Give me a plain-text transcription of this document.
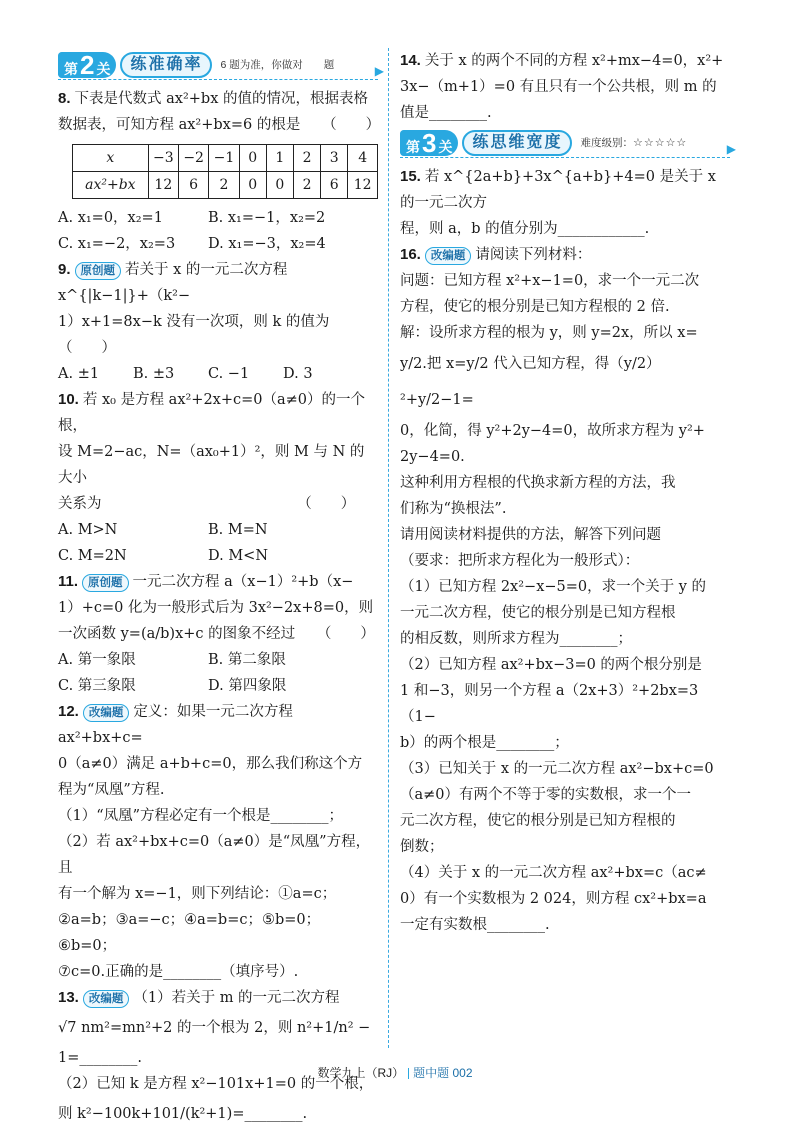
第 2 关	练准确率	6 题为准，你做对　　题	▶
8. 下表是代数式 ax²+bx 的值的情况，根据表格
数据表，可知方程 ax²+bx=6 的根是　　（　　）
x	−3	−2	−1	0	1	2	3	4
ax²+bx	12	6	2	0	0	2	6	12
A. x₁=0，x₂=1	B. x₁=−1，x₂=2
C. x₁=−2，x₂=3	D. x₁=−3，x₂=4
9. 原创题 若关于 x 的一元二次方程 x^{|k−1|}+（k²−
1）x+1=8x−k 没有一次项，则 k 的值为（　　）
A. ±1	B. ±3	C. −1	D. 3
10. 若 x₀ 是方程 ax²+2x+c=0（a≠0）的一个根，
设 M=2−ac，N=（ax₀+1）²，则 M 与 N 的大小
关系为　　　　　　　　　　　　　　（　　）
A. M>N	B. M=N
C. M=2N	D. M<N
11. 原创题 一元二次方程 a（x−1）²+b（x−
1）+c=0 化为一般形式后为 3x²−2x+8=0，则
一次函数 y=(a/b)x+c 的图象不经过　　（　　）
A. 第一象限	B. 第二象限
C. 第三象限	D. 第四象限
12. 改编题 定义：如果一元二次方程 ax²+bx+c=
0（a≠0）满足 a+b+c=0，那么我们称这个方
程为“凤凰”方程.
（1）“凤凰”方程必定有一个根是________；
（2）若 ax²+bx+c=0（a≠0）是“凤凰”方程，且
有一个解为 x=−1，则下列结论：①a=c；
②a=b；③a=−c；④a=b=c；⑤b=0；⑥b=0；
⑦c=0.正确的是________（填序号）.
13. 改编题 （1）若关于 m 的一元二次方程
√7 nm²=mn²+2 的一个根为 2，则 n²+1/n² −
1=________.
（2）已知 k 是方程 x²−101x+1=0 的一个根，
则 k²−100k+101/(k²+1)=________.
14. 关于 x 的两个不同的方程 x²+mx−4=0，x²+
3x−（m+1）=0 有且只有一个公共根，则 m 的
值是________.
第 3 关	练思维宽度	难度级别：☆☆☆☆☆	▶
15. 若 x^{2a+b}+3x^{a+b}+4=0 是关于 x 的一元二次方
程，则 a，b 的值分别为____________.
16. 改编题 请阅读下列材料：
问题：已知方程 x²+x−1=0，求一个一元二次
方程，使它的根分别是已知方程根的 2 倍.
解：设所求方程的根为 y，则 y=2x，所以 x=
y/2.把 x=y/2 代入已知方程，得（y/2）²+y/2−1=
0，化简，得 y²+2y−4=0，故所求方程为 y²+
2y−4=0.
这种利用方程根的代换求新方程的方法，我
们称为“换根法”.
请用阅读材料提供的方法，解答下列问题
（要求：把所求方程化为一般形式）：
（1）已知方程 2x²−x−5=0，求一个关于 y 的
一元二次方程，使它的根分别是已知方程根
的相反数，则所求方程为________；
（2）已知方程 ax²+bx−3=0 的两个根分别是
1 和−3，则另一个方程 a（2x+3）²+2bx=3（1−
b）的两个根是________；
（3）已知关于 x 的一元二次方程 ax²−bx+c=0
（a≠0）有两个不等于零的实数根，求一个一
元二次方程，使它的根分别是已知方程根的
倒数；
（4）关于 x 的一元二次方程 ax²+bx=c（ac≠
0）有一个实数根为 2 024，则方程 cx²+bx=a
一定有实数根________.
数学九上（RJ） 题中题 002
